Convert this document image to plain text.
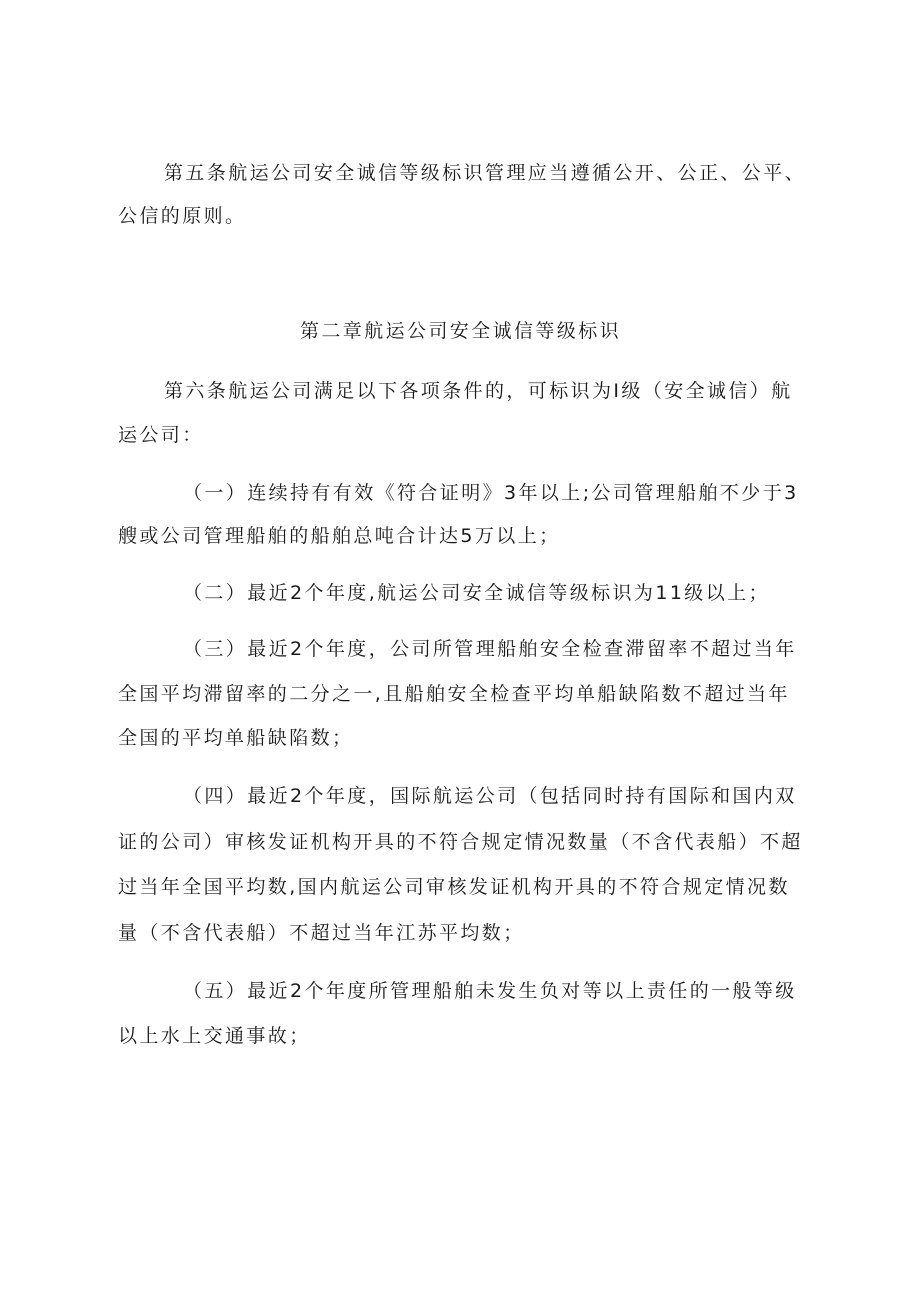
第五条航运公司安全诚信等级标识管理应当遵循公开、公正、公平、
公信的原则。
第二章航运公司安全诚信等级标识
第六条航运公司满足以下各项条件的，可标识为Ⅰ级（安全诚信）航
运公司：
（一）连续持有有效《符合证明》3年以上;公司管理船舶不少于3
艘或公司管理船舶的船舶总吨合计达5万以上；
（二）最近2个年度,航运公司安全诚信等级标识为11级以上；
（三）最近2个年度，公司所管理船舶安全检查滞留率不超过当年
全国平均滞留率的二分之一,且船舶安全检查平均单船缺陷数不超过当年
全国的平均单船缺陷数；
（四）最近2个年度，国际航运公司（包括同时持有国际和国内双
证的公司）审核发证机构开具的不符合规定情况数量（不含代表船）不超
过当年全国平均数,国内航运公司审核发证机构开具的不符合规定情况数
量（不含代表船）不超过当年江苏平均数；
（五）最近2个年度所管理船舶未发生负对等以上责任的一般等级
以上水上交通事故；
